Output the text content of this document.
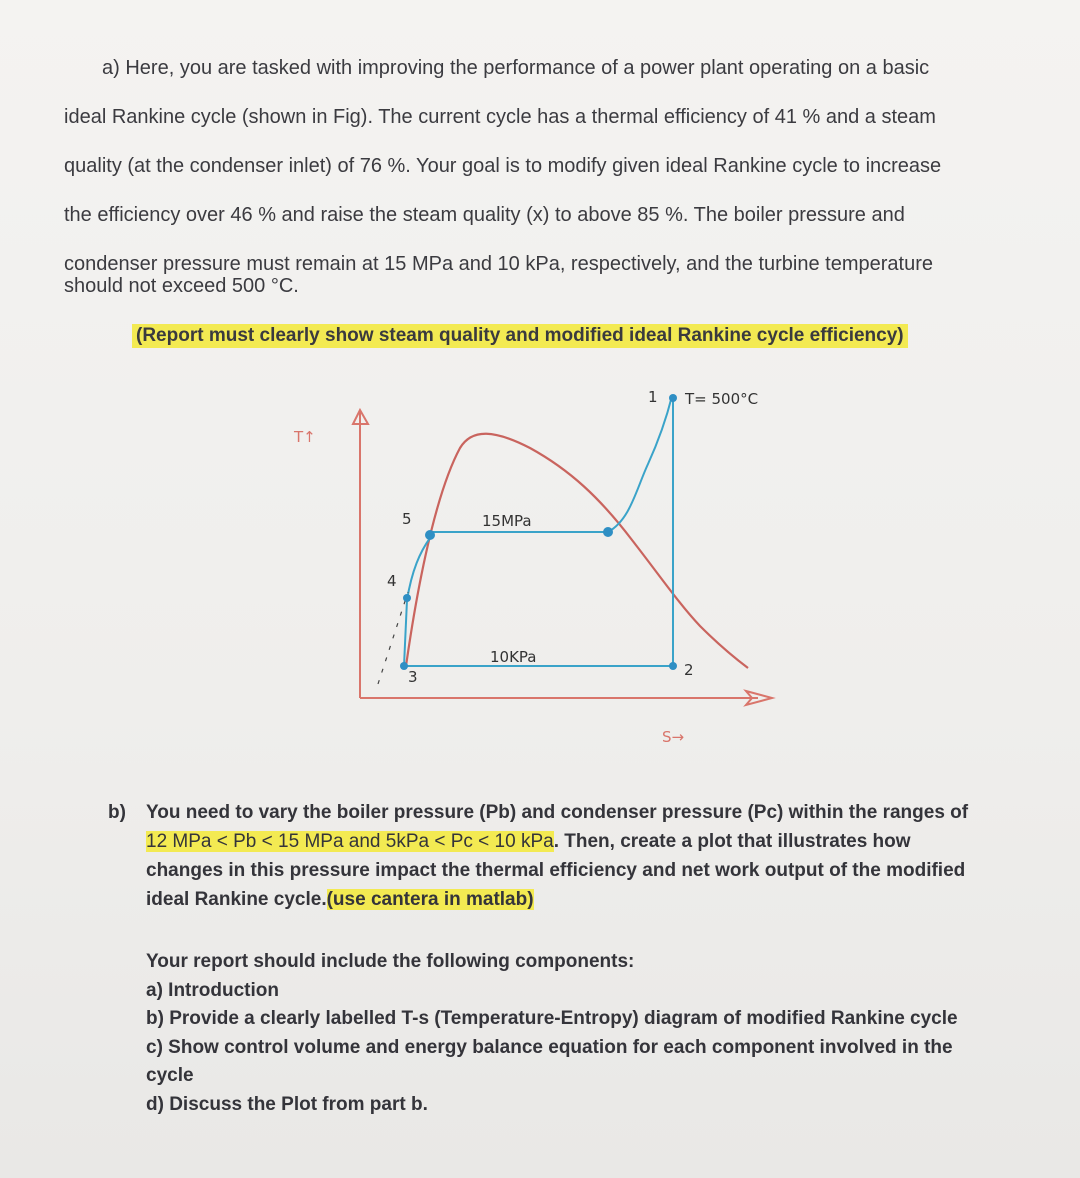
a) Here, you are tasked with improving the performance of a power plant operating on a basic
ideal Rankine cycle (shown in Fig). The current cycle has a thermal efficiency of 41 % and a steam
quality (at the condenser inlet) of 76 %. Your goal is to modify given ideal Rankine cycle to increase
the efficiency over 46 % and raise the steam quality (x) to above 85 %. The boiler pressure and

condenser pressure must remain at 15 MPa and 10 kPa, respectively, and the turbine temperature
should not exceed 500 °C.
(Report must clearly show steam quality and modified ideal Rankine cycle efficiency)
T↑
S→
15MPa
10KPa
T= 500°C
1
2
3
4
5
b) You need to vary the boiler pressure (Pb) and condenser pressure (Pc) within the ranges of
12 MPa < Pb < 15 MPa and 5kPa < Pc < 10 kPa. Then, create a plot that illustrates how
changes in this pressure impact the thermal efficiency and net work output of the modified
ideal Rankine cycle.(use cantera in matlab)
Your report should include the following components:
a) Introduction
b) Provide a clearly labelled T-s (Temperature-Entropy) diagram of modified Rankine cycle
c) Show control volume and energy balance equation for each component involved in the
cycle
d) Discuss the Plot from part b.
